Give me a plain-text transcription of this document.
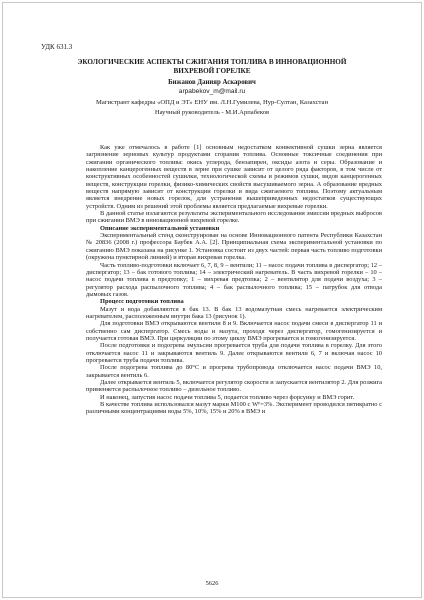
УДК 631.3
ЭКОЛОГИЧЕСКИЕ АСПЕКТЫ СЖИГАНИЯ ТОПЛИВА В ИННОВАЦИОННОЙ
ВИХРЕВОЙ ГОРЕЛКЕ
Бижанов Данияр Аскарович
arpabekov_m@mail.ru
Магистрант кафедры «ОПД и ЭТ» ЕНУ им. Л.Н.Гумилева, Нур-Султан, Казахстан
Научный руководитель - М.И.Арпабеков

Как уже отмечалось в работе [1] основным недостатком конвективной сушки зерна является загрязнение зерновых культур продуктами сгорания топлива. Основные токсичные соединения при сжигании органического топлива: окись углерода, бензапирен, оксиды азота и серы. Образование и накопление канцерогенных веществ в зерне при сушке зависит от целого ряда факторов, в том числе от конструктивных особенностей сушилки, технологической схемы и режимов сушки, видов канцерогенных веществ, конструкции горелки, физико-химических свойств высушиваемого зерна. А образование вредных веществ напрямую зависит от конструкции горелки и вида сжигаемого топлива. Поэтому актуальным является внедрение новых горелок, для устранения вышеприведенных недостатков существующих устройств. Одним из решений этой проблемы является предлагаемые вихревые горелки.

В данной статье излагаются результаты экспериментального исследования эмиссии вредных выбросов при сжигании ВМЭ в инновационной вихревой горелке.

Описание экспериментальной установки

Экспериментальный стенд сконструирован на основе Инновационного патента Республики Казахстан № 20836 (2008 г.) профессора Баубек А.А. [2]. Принципиальная схема экспериментальной установки по сжиганию ВМЭ показана на рисунке 1. Установка состоит из двух частей: первая часть топливо подготовки (окружена пунктирной линией) и вторая вихревая горелка.

Часть топливо-подготовки включает 6, 7, 8, 9 – вентили; 11 – насос подачи топлива в диспергатор; 12 – диспергатор; 13 – бак готового топлива; 14 – электрический нагреватель. В часть вихревой горелки – 10 – насос подачи топлива в предтопку; 1 – вихревая предтопка; 2 – вентилятор для подачи воздуха; 3 – регулятор расхода распылочного топлива; 4 – бак распылочного топлива; 15 – патрубок для отвода дымовых газов.

Процесс подготовки топлива

Мазут и вода добавляются в бак 13. В бак 13 водомазутная смесь нагревается электрическим нагревателем, расположенным внутри бака 13 (рисунок 1).

Для подготовки ВМЭ открываются вентили 8 и 9. Включается насос подачи смеси в диспергатор 11 и собственно сам диспергатор. Смесь воды и мазута, проходя через диспергатор, гомогенизируется и получается готовая ВМЭ. При циркуляции по этому циклу ВМЭ прогревается и гомогенизируется.

После подготовки и подогрева эмульсии прогревается труба для подачи топлива в горелку. Для этого отключается насос 11 и закрываются вентиль 9. Далее открываются вентили 6, 7 и включая насос 10 прогревается труба подачи топлива.

После подогрева топлива до 80°С и прогрева трубопровода отключается насос подачи ВМЭ 10, закрывается вентиль 6.

Далее открывается вентиль 5, включается регулятор скорости и запускается вентилятор 2. Для розжига применяется распылочное топливо – дизельное топливо.

И наконец, запустив насос подачи топлива 5, подается топливо через форсунку и ВМЭ горит.

В качестве топлива использовался мазут марки М100 с Wᴾ=3%. Эксперимент проводился пятикратно с различными концентрациями воды 5%, 10%, 15% и 20% в ВМЭ и

5626
